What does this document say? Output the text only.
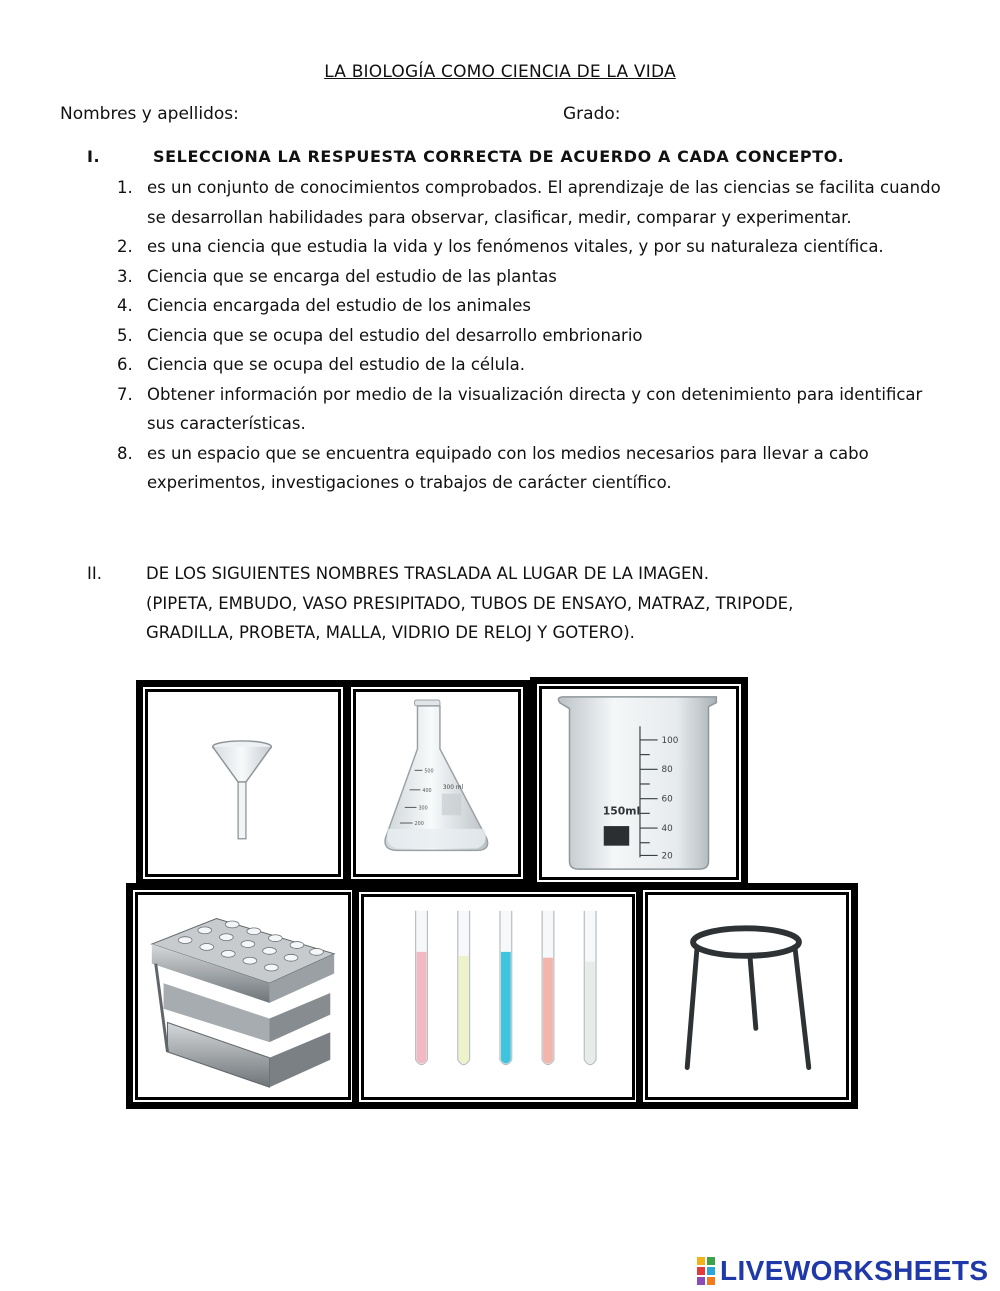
LA BIOLOGÍA COMO CIENCIA DE LA VIDA
Nombres y apellidos:	Grado:
I.	SELECCIONA LA RESPUESTA CORRECTA DE ACUERDO A CADA CONCEPTO.
1. es un conjunto de conocimientos comprobados. El aprendizaje de las ciencias se facilita cuando se desarrollan habilidades para observar, clasificar, medir, comparar y experimentar.
2. es una ciencia que estudia la vida y los fenómenos vitales, y por su naturaleza científica.
3. Ciencia que se encarga del estudio de las plantas
4. Ciencia encargada del estudio de los animales
5. Ciencia que se ocupa del estudio del desarrollo embrionario
6. Ciencia que se ocupa del estudio de la célula.
7. Obtener información por medio de la visualización directa y con detenimiento para identificar sus características.
8. es un espacio que se encuentra equipado con los medios necesarios para llevar a cabo experimentos, investigaciones o trabajos de carácter científico.
II.	DE LOS SIGUIENTES NOMBRES TRASLADA AL LUGAR DE LA IMAGEN.
(PIPETA, EMBUDO, VASO PRESIPITADO, TUBOS DE ENSAYO, MATRAZ, TRIPODE,
GRADILLA, PROBETA, MALLA, VIDRIO DE RELOJ Y GOTERO).
500
400
300
200
300 ml
100
80
60
40
20
150ml
LIVEWORKSHEETS
